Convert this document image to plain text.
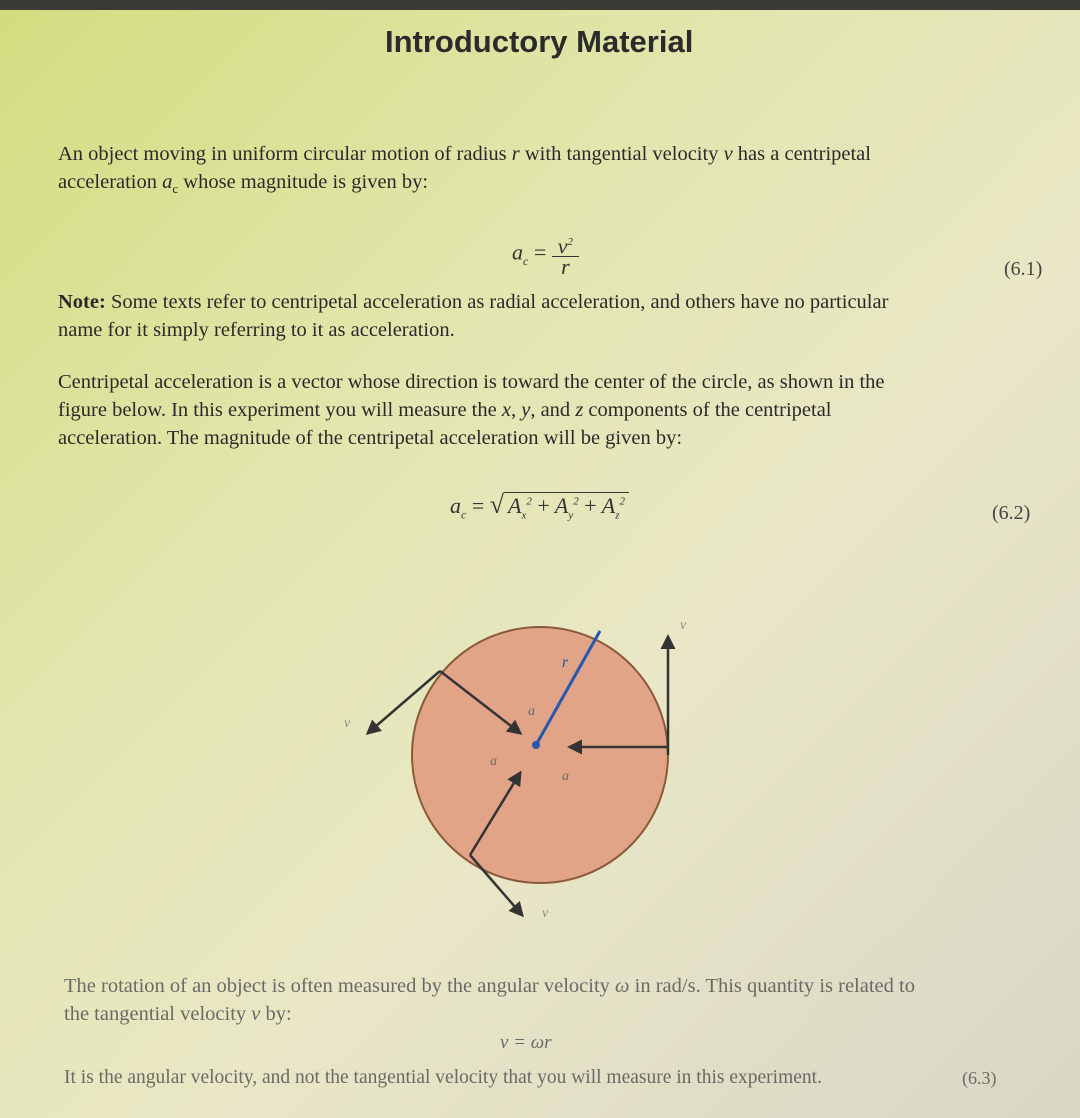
Introductory Material

An object moving in uniform circular motion of radius r with tangential velocity v has a centripetal
acceleration $a_c$ whose magnitude is given by:

$a_c = \frac{v^2}{r}$	(6.1)

Note: Some texts refer to centripetal acceleration as radial acceleration, and others have no particular
name for it simply referring to it as acceleration.

Centripetal acceleration is a vector whose direction is toward the center of the circle, as shown in the
figure below. In this experiment you will measure the x, y, and z components of the centripetal
acceleration. The magnitude of the centripetal acceleration will be given by:

$a_c$ = √ $A_x^2 + A_y^2 + A_z^2$
(6.2)
r
a
a
a
v
v
v

The rotation of an object is often measured by the angular velocity ω in rad/s. This quantity is related to
the tangential velocity v by:

v = ωr
(6.3)

It is the angular velocity, and not the tangential velocity that you will measure in this experiment.
